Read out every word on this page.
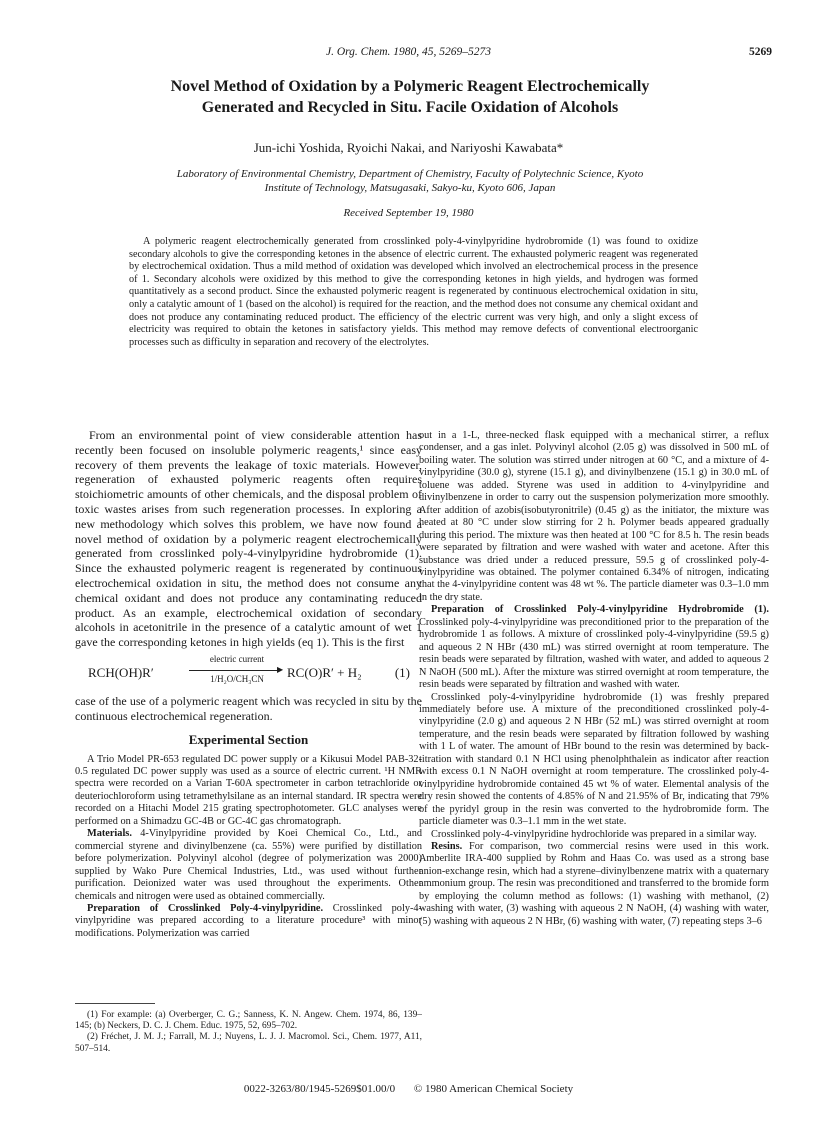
J. Org. Chem. 1980, 45, 5269–5273	5269
Novel Method of Oxidation by a Polymeric Reagent Electrochemically
Generated and Recycled in Situ. Facile Oxidation of Alcohols
Jun-ichi Yoshida, Ryoichi Nakai, and Nariyoshi Kawabata*
Laboratory of Environmental Chemistry, Department of Chemistry, Faculty of Polytechnic Science, Kyoto
Institute of Technology, Matsugasaki, Sakyo-ku, Kyoto 606, Japan
Received September 19, 1980

A polymeric reagent electrochemically generated from crosslinked poly-4-vinylpyridine hydrobromide (1) was found to oxidize secondary alcohols to give the corresponding ketones in the absence of electric current. The exhausted polymeric reagent was regenerated by electrochemical oxidation. Thus a mild method of oxidation was developed which involved an electrochemical process in the presence of 1. Secondary alcohols were oxidized by this method to give the corresponding ketones in high yields, and hydrogen was formed quantitatively as a second product. Since the exhausted polymeric reagent is regenerated by continuous electrochemical oxidation in situ, only a catalytic amount of 1 (based on the alcohol) is required for the reaction, and the method does not consume any chemical oxidant and does not produce any contaminating reduced product. The efficiency of the electric current was very high, and only a slight excess of electricity was required to obtain the ketones in satisfactory yields. This method may remove defects of conventional electroorganic processes such as difficulty in separation and recovery of the electrolytes.

From an environmental point of view considerable attention has recently been focused on insoluble polymeric reagents,¹ since easy recovery of them prevents the leakage of toxic materials. However, regeneration of exhausted polymeric reagents often requires stoichiometric amounts of other chemicals, and the disposal problem of toxic wastes arises from such regeneration processes. In exploring a new methodology which solves this problem, we have now found a novel method of oxidation by a polymeric reagent electrochemically generated from crosslinked poly-4-vinylpyridine hydrobromide (1). Since the exhausted polymeric reagent is regenerated by continuous electrochemical oxidation in situ, the method does not consume any chemical oxidant and does not produce any contaminating reduced product. As an example, electrochemical oxidation of secondary alcohols in acetonitrile in the presence of a catalytic amount of wet 1 gave the corresponding ketones in high yields (eq 1). This is the first

RCH(OH)R′
electric current
▶
1/H₂O/CH₃CN	RC(O)R′ + H₂	(1)

case of the use of a polymeric reagent which was recycled in situ by the continuous electrochemical regeneration.

Experimental Section

A Trio Model PR-653 regulated DC power supply or a Kikusui Model PAB-32-0.5 regulated DC power supply was used as a source of electric current. ¹H NMR spectra were recorded on a Varian T-60A spectrometer in carbon tetrachloride or deuteriochloroform using tetramethylsilane as an internal standard. IR spectra were recorded on a Hitachi Model 215 grating spectrophotometer. GLC analyses were performed on a Shimadzu GC-4B or GC-4C gas chromatograph.

Materials. 4-Vinylpyridine provided by Koei Chemical Co., Ltd., and commercial styrene and divinylbenzene (ca. 55%) were purified by distillation before polymerization. Polyvinyl alcohol (degree of polymerization was 2000) supplied by Wako Pure Chemical Industries, Ltd., was used without further purification. Deionized water was used throughout the experiments. Other chemicals and nitrogen were used as obtained commercially.

Preparation of Crosslinked Poly-4-vinylpyridine. Crosslinked poly-4-vinylpyridine was prepared according to a literature procedure³ with minor modifications. Polymerization was carried

(1) For example: (a) Overberger, C. G.; Sanness, K. N. Angew. Chem. 1974, 86, 139–145; (b) Neckers, D. C. J. Chem. Educ. 1975, 52, 695–702.

(2) Fréchet, J. M. J.; Farrall, M. J.; Nuyens, L. J. J. Macromol. Sci., Chem. 1977, A11, 507–514.

out in a 1-L, three-necked flask equipped with a mechanical stirrer, a reflux condenser, and a gas inlet. Polyvinyl alcohol (2.05 g) was dissolved in 500 mL of boiling water. The solution was stirred under nitrogen at 60 °C, and a mixture of 4-vinylpyridine (30.0 g), styrene (15.1 g), and divinylbenzene (15.1 g) in 30.0 mL of toluene was added. Styrene was used in addition to 4-vinylpyridine and divinylbenzene in order to carry out the suspension polymerization more smoothly. After addition of azobis(isobutyronitrile) (0.45 g) as the initiator, the mixture was heated at 80 °C under slow stirring for 2 h. Polymer beads appeared gradually during this period. The mixture was then heated at 100 °C for 8.5 h. The resin beads were separated by filtration and were washed with water and acetone. After this substance was dried under a reduced pressure, 59.5 g of crosslinked poly-4-vinylpyridine was obtained. The polymer contained 6.34% of nitrogen, indicating that the 4-vinylpyridine content was 48 wt %. The particle diameter was 0.3–1.0 mm in the dry state.

Preparation of Crosslinked Poly-4-vinylpyridine Hydrobromide (1). Crosslinked poly-4-vinylpyridine was preconditioned prior to the preparation of the hydrobromide 1 as follows. A mixture of crosslinked poly-4-vinylpyridine (59.5 g) and aqueous 2 N HBr (430 mL) was stirred overnight at room temperature. The resin beads were separated by filtration, washed with water, and added to aqueous 2 N NaOH (500 mL). After the mixture was stirred overnight at room temperature, the resin beads were separated by filtration and washed with water.

Crosslinked poly-4-vinylpyridine hydrobromide (1) was freshly prepared immediately before use. A mixture of the preconditioned crosslinked poly-4-vinylpyridine (2.0 g) and aqueous 2 N HBr (52 mL) was stirred overnight at room temperature, and the resin beads were separated by filtration followed by washing with 1 L of water. The amount of HBr bound to the resin was determined by back-titration with standard 0.1 N HCl using phenolphthalein as indicator after reaction with excess 0.1 N NaOH overnight at room temperature. The crosslinked poly-4-vinylpyridine hydrobromide contained 45 wt % of water. Elemental analysis of the dry resin showed the contents of 4.85% of N and 21.95% of Br, indicating that 79% of the pyridyl group in the resin was converted to the hydrobromide form. The particle diameter was 0.3–1.1 mm in the wet state.

Crosslinked poly-4-vinylpyridine hydrochloride was prepared in a similar way.

Resins. For comparison, two commercial resins were used in this work. Amberlite IRA-400 supplied by Rohm and Haas Co. was used as a strong base anion-exchange resin, which had a styrene–divinylbenzene matrix with a quaternary ammonium group. The resin was preconditioned and transferred to the bromide form by employing the column method as follows: (1) washing with methanol, (2) washing with water, (3) washing with aqueous 2 N NaOH, (4) washing with water, (5) washing with aqueous 2 N HBr, (6) washing with water, (7) repeating steps 3–6

0022-3263/80/1945-5269$01.00/0 © 1980 American Chemical Society
